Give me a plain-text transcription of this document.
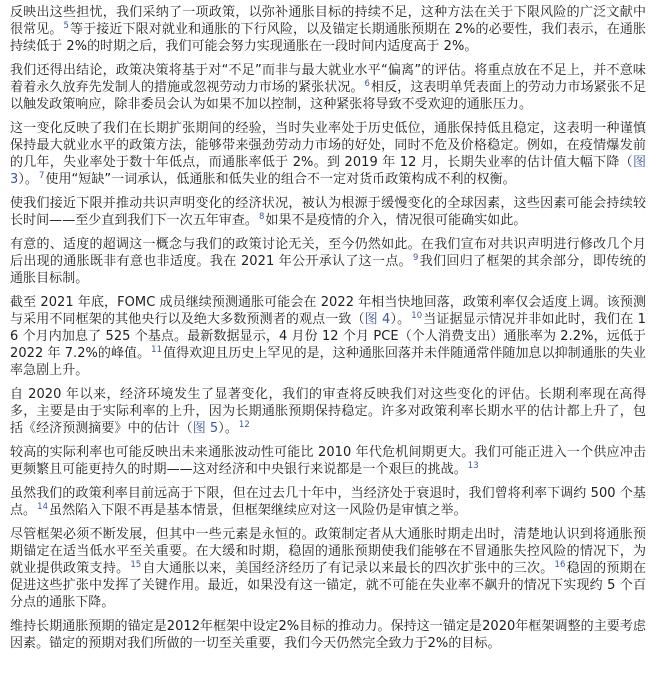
反映出这些担忧，我们采纳了一项政策，以弥补通胀目标的持续不足，这种方法在关于下限风险的广泛文献中很常见。$^5$等于接近下限对就业和通胀的下行风险，以及锚定长期通胀预期在 2%的必要性，我们表示，在通胀持续低于 2%的时期之后，我们可能会努力实现通胀在一段时间内适度高于 2%。

我们还得出结论，政策决策将基于对“不足”而非与最大就业水平“偏离”的评估。将重点放在不足上，并不意味着着永久放弃先发制人的措施或忽视劳动力市场的紧张状况。$^6$相反，这表明单凭表面上的劳动力市场紧张不足以触发政策响应，除非委员会认为如果不加以控制，这种紧张将导致不受欢迎的通胀压力。

这一变化反映了我们在长期扩张期间的经验，当时失业率处于历史低位，通胀保持低且稳定，这表明一种谨慎保持最大就业水平的政策方法，能够带来强劲劳动力市场的好处，同时不危及价格稳定。例如，在疫情爆发前的几年，失业率处于数十年低点，而通胀率低于 2%。到 2019 年 12 月，长期失业率的估计值大幅下降（图 3）。$^7$使用“短缺”一词承认，低通胀和低失业的组合不一定对货币政策构成不利的权衡。

使我们接近下限并推动共识声明变化的经济状况，被认为根源于缓慢变化的全球因素，这些因素可能会持续较长时间——至少直到我们下一次五年审查。$^8$如果不是疫情的介入，情况很可能确实如此。

有意的、适度的超调这一概念与我们的政策讨论无关，至今仍然如此。在我们宣布对共识声明进行修改几个月后出现的通胀既非有意也非适度。我在 2021 年公开承认了这一点。$^9$我们回归了框架的其余部分，即传统的通胀目标制。

截至 2021 年底，FOMC 成员继续预测通胀可能会在 2022 年相当快地回落，政策利率仅会适度上调。该预测与采用不同框架的其他央行以及绝大多数预测者的观点一致（图 4）。$^{10}$当证据显示情况并非如此时，我们在 16 个月内加息了 525 个基点。最新数据显示，4 月份 12 个月 PCE（个人消费支出）通胀率为 2.2%，远低于 2022 年 7.2%的峰值。$^{11}$值得欢迎且历史上罕见的是，这种通胀回落并未伴随通常伴随加息以抑制通胀的失业率急剧上升。

自 2020 年以来，经济环境发生了显著变化，我们的审查将反映我们对这些变化的评估。长期利率现在高得多，主要是由于实际利率的上升，因为长期通胀预期保持稳定。许多对政策利率长期水平的估计都上升了，包括《经济预测摘要》中的估计（图 5）。$^{12}$

较高的实际利率也可能反映出未来通胀波动性可能比 2010 年代危机间期更大。我们可能正进入一个供应冲击更频繁且可能更持久的时期——这对经济和中央银行来说都是一个艰巨的挑战。$^{13}$

虽然我们的政策利率目前远高于下限，但在过去几十年中，当经济处于衰退时，我们曾将利率下调约 500 个基点。$^{14}$虽然陷入下限不再是基本情景，但框架继续应对这一风险仍是审慎之举。

尽管框架必须不断发展，但其中一些元素是永恒的。政策制定者从大通胀时期走出时，清楚地认识到将通胀预期锚定在适当低水平至关重要。在大缓和时期，稳固的通胀预期使我们能够在不冒通胀失控风险的情况下，为就业提供政策支持。$^{15}$自大通胀以来，美国经济经历了有记录以来最长的四次扩张中的三次。$^{16}$稳固的预期在促进这些扩张中发挥了关键作用。最近，如果没有这一锚定，就不可能在失业率不飙升的情况下实现约 5 个百分点的通胀下降。

维持长期通胀预期的锚定是2012年框架中设定2%目标的推动力。保持这一锚定是2020年框架调整的主要考虑因素。锚定的预期对我们所做的一切至关重要，我们今天仍然完全致力于2%的目标。
